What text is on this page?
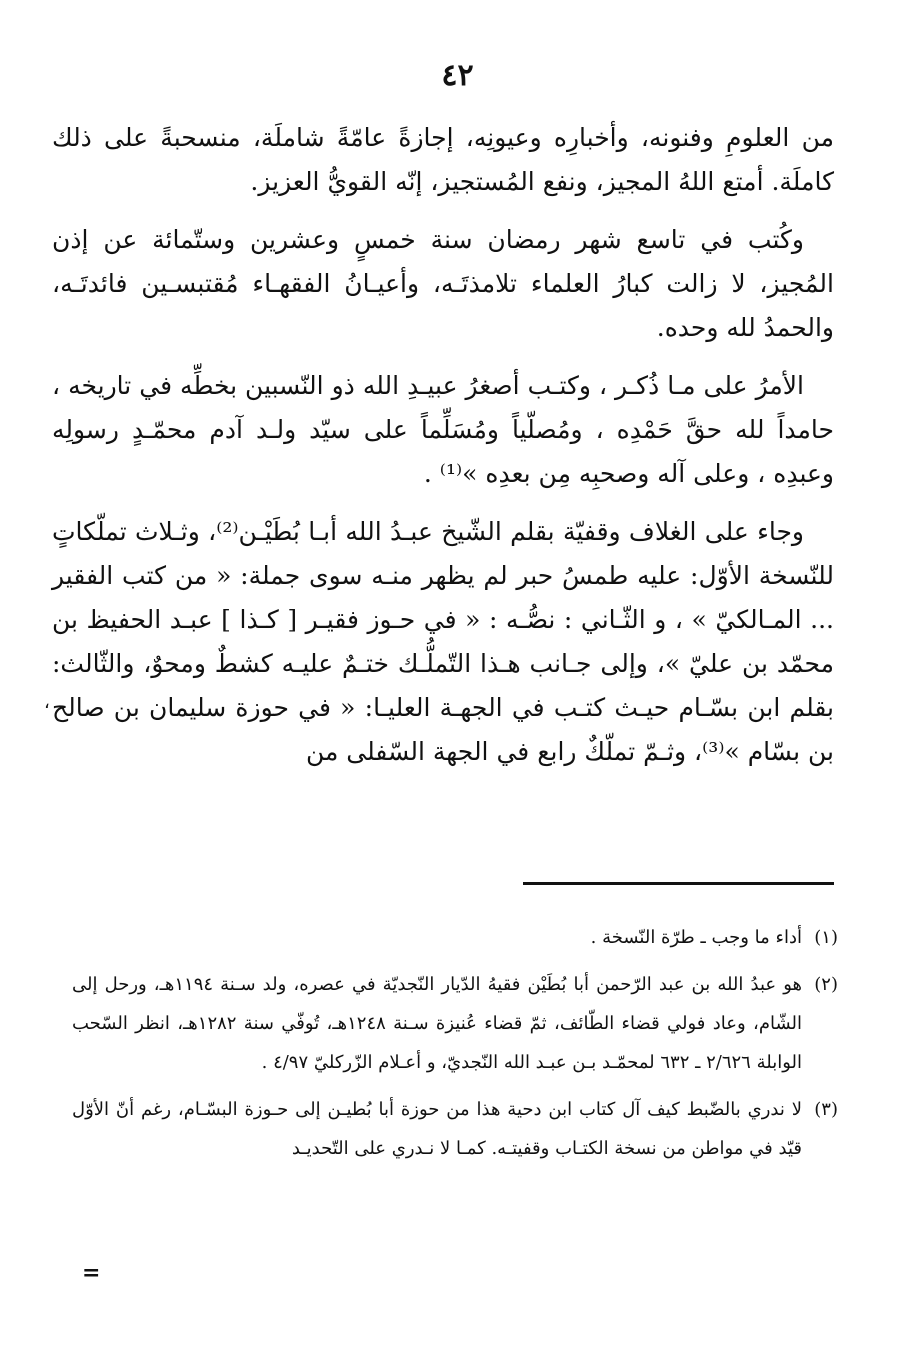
٤٢

من العلومِ وفنونه، وأخبارِه وعيونِه، إجازةً عامّةً شاملَة، منسحبةً على ذلك كاملَة. أمتع اللهُ المجيز، ونفع المُستجيز، إنّه القويُّ العزيز.

وكُتب في تاسع شهر رمضان سنة خمسٍ وعشرين وستّمائة عن إذن المُجيز، لا زالت كبارُ العلماء تلامذتَـه، وأعيـانُ الفقهـاء مُقتبسـين فائدتَـه، والحمدُ لله وحده.

الأمرُ على مـا ذُكـر ، وكتـب أصغرُ عبيـدِ الله ذو النّسبين بخطِّه في تاريخه ، حامداً لله حقَّ حَمْدِه ، ومُصلّياً ومُسَلِّماً على سيّد ولـد آدم محمّـدٍ رسولِه وعبدِه ، وعلى آله وصحبِه مِن بعدِه »⁽¹⁾ .

وجاء على الغلاف وقفيّة بقلم الشّيخ عبـدُ الله أبـا بُطَيْـن⁽²⁾، وثـلاث تملّكاتٍ للنّسخة الأوّل: عليه طمسُ حبر لم يظهر منـه سوى جملة: « من كتب الفقير ... المـالكيّ » ، و الثّـاني : نصُّـه : « في حـوز فقيـر [ كـذا ] عبـد الحفيظ بن محمّد بن عليّ »، وإلى جـانب هـذا التّملُّـك ختـمٌ عليـه كشطٌ ومحوٌ، والثّالث: بقلم ابن بسّـام حيـث كتـب في الجهـة العليـا: « في حوزة سليمان بن صالح بن بسّام »⁽³⁾، وثـمّ تملّكٌ رابع في الجهة السّفلى من

،
(١)
أداء ما وجب ـ طرّة النّسخة .
(٢)
هو عبدُ الله بن عبد الرّحمن أبا بُطَيْن فقيهُ الدّيار النّجديّة في عصره، ولد سـنة ١١٩٤هـ، ورحل إلى الشّام، وعاد فولي قضاء الطّائف، ثمّ قضاء عُنيزة سـنة ١٢٤٨هـ، تُوفّي سنة ١٢٨٢هـ، انظر السّحب الوابلة ٢/٦٢٦ ـ ٦٣٢ لمحمّـد بـن عبـد الله النّجديّ، و أعـلام الزّركليّ ٤/٩٧ .
(٣)
لا ندري بالضّبط كيف آل كتاب ابن دحية هذا من حوزة أبا بُطيـن إلى حـوزة البسّـام، رغم أنّ الأوّل قيّد في مواطن من نسخة الكتـاب وقفيتـه. كمـا لا نـدري على التّحديـد
=
